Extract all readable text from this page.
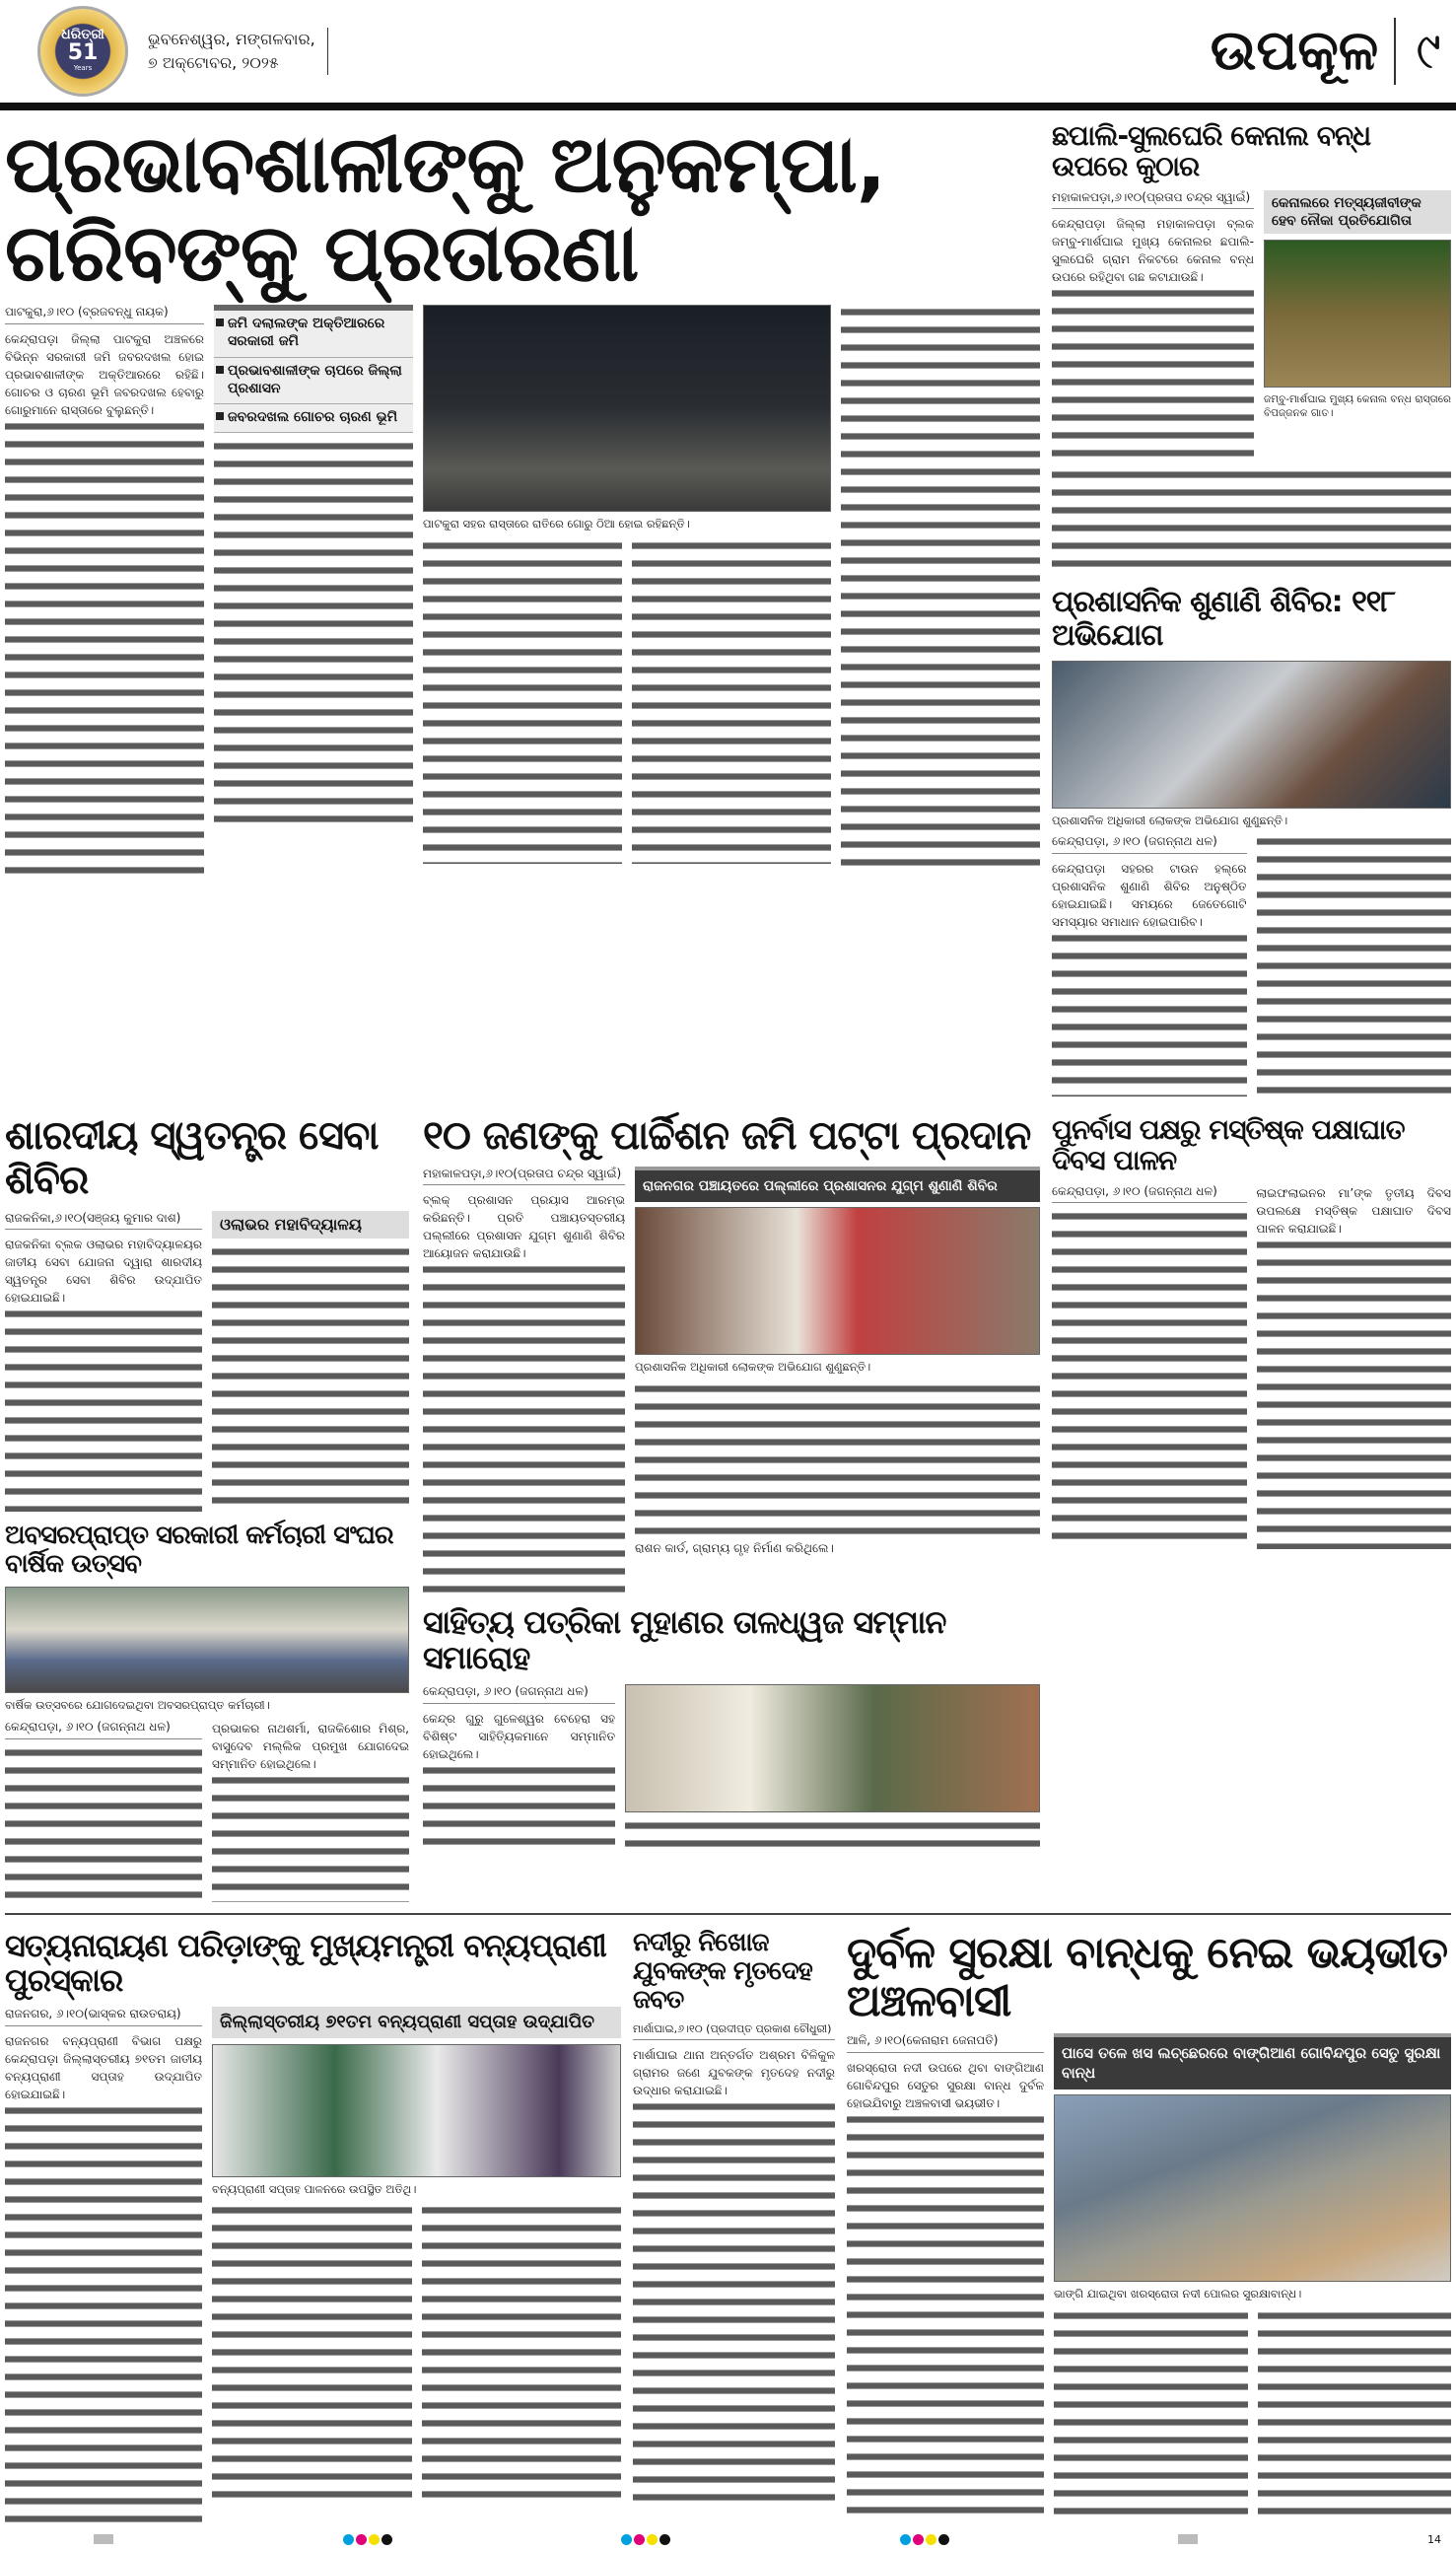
ଧରିତ୍ରୀ
51
Years
ଭୁବନେଶ୍ୱର, ମଙ୍ଗଳବାର,
୭ ଅକ୍ଟୋବର, ୨୦୨୫	ଉପକୂଳ ୯
ପ୍ରଭାବଶାଳୀଙ୍କୁ ଅନୁକମ୍ପା, ଗରିବଙ୍କୁ ପ୍ରତାରଣା
ପାଟକୁରା,୬।୧୦ (ବ୍ରଜବନ୍ଧୁ ନାୟକ)

କେନ୍ଦ୍ରାପଡ଼ା ଜିଲ୍ଲା ପାଟକୁରା ଅଞ୍ଚଳରେ ବିଭିନ୍ନ ସରକାରୀ ଜମି ଜବରଦଖଲ ହୋଇ ପ୍ରଭାବଶାଳୀଙ୍କ ଅକ୍ତିଆରରେ ରହିଛି। ଗୋଚର ଓ ଚାରଣ ଭୂମି ଜବରଦଖଲ ହେବାରୁ ଗୋରୁମାନେ ରାସ୍ତାରେ ବୁଲୁଛନ୍ତି।

ଜମି ଦଲାଲଙ୍କ ଅକ୍ତିଆରରେ ସରକାରୀ ଜମି
ପ୍ରଭାବଶାଳୀଙ୍କ ଚାପରେ ଜିଲ୍ଲା ପ୍ରଶାସନ
ଜବରଦଖଲ ଗୋଚର ଚାରଣ ଭୂମି
ପାଟକୁରା ସହର ରାସ୍ତାରେ ରାତିରେ ଗୋରୁ ଠିଆ ହୋଇ ରହିଛନ୍ତି।
ଛପାଲି-ସୁଲଘେରି କେନାଲ ବନ୍ଧ ଉପରେ କୁଠାର
ମହାକାଳପଡ଼ା,୬।୧୦(ପ୍ରତାପ ଚନ୍ଦ୍ର ସ୍ୱାଇଁ)

କେନ୍ଦ୍ରାପଡ଼ା ଜିଲ୍ଲା ମହାକାଳପଡ଼ା ବ୍ଲକ ଜମ୍ବୁ-ମାର୍ଶଘାଇ ମୁଖ୍ୟ କେନାଲର ଛପାଲି-ସୁଲଘେରି ଗ୍ରାମ ନିକଟରେ କେନାଲ ବନ୍ଧ ଉପରେ ରହିଥିବା ଗଛ କଟାଯାଉଛି।

କେନାଲରେ ମତ୍ସ୍ୟଜୀବୀଙ୍କ ହେବ ନୌକା ପ୍ରତିଯୋଗିତା
ଜମ୍ବୁ-ମାର୍ଶଘାଇ ମୁଖ୍ୟ କେନାଲ ବନ୍ଧ ରାସ୍ତାରେ ବିପଜ୍ଜନକ ଗାତ।
ପ୍ରଶାସନିକ ଶୁଣାଣି ଶିବିର: ୧୧୮ ଅଭିଯୋଗ
ପ୍ରଶାସନିକ ଅଧିକାରୀ ଲୋକଙ୍କ ଅଭିଯୋଗ ଶୁଣୁଛନ୍ତି।
କେନ୍ଦ୍ରାପଡ଼ା, ୬।୧୦ (ଜଗନ୍ନାଥ ଧଳ)

କେନ୍ଦ୍ରାପଡ଼ା ସହରର ଟାଉନ ହଲ୍‌ରେ ପ୍ରଶାସନିକ ଶୁଣାଣି ଶିବିର ଅନୁଷ୍ଠିତ ହୋଇଯାଇଛି। ସମୟରେ ଜେତେଗୋଟି ସମସ୍ୟାର ସମାଧାନ ହୋଇପାରିବ।

ଶାରଦୀୟ ସ୍ୱତନ୍ତ୍ର ସେବା ଶିବିର
ରାଜକନିକା,୬।୧୦(ସଞ୍ଜୟ କୁମାର ଦାଶ)

ରାଜକନିକା ବ୍ଲକ ଓଲାଭର ମହାବିଦ୍ୟାଳୟର ଜାତୀୟ ସେବା ଯୋଜନା ଦ୍ୱାରା ଶାରଦୀୟ ସ୍ୱତନ୍ତ୍ର ସେବା ଶିବିର ଉଦ୍‌ଯାପିତ ହୋଇଯାଇଛି।

ଓଲାଭର ମହାବିଦ୍ୟାଳୟ
ଅବସରପ୍ରାପ୍ତ ସରକାରୀ କର୍ମଚାରୀ ସଂଘର ବାର୍ଷିକ ଉତ୍ସବ
ବାର୍ଷିକ ଉତ୍ସବରେ ଯୋଗଦେଇଥିବା ଅବସରପ୍ରାପ୍ତ କର୍ମଚାରୀ।
କେନ୍ଦ୍ରାପଡ଼ା, ୬।୧୦ (ଜଗନ୍ନାଥ ଧଳ)	ପ୍ରଭାକର ନାଥଶର୍ମା, ରାଜକିଶୋର ମିଶ୍ର, ବାସୁଦେବ ମଲ୍ଲିକ ପ୍ରମୁଖ ଯୋଗଦେଇ ସମ୍ମାନିତ ହୋଇଥିଲେ।

୧୦ ଜଣଙ୍କୁ ପାର୍ଚ୍ଚିଶନ ଜମି ପଟ୍ଟା ପ୍ରଦାନ
ମହାକାଳପଡ଼ା,୬।୧୦(ପ୍ରତାପ ଚନ୍ଦ୍ର ସ୍ୱାଇଁ)

ବ୍ଲକ୍ ପ୍ରଶାସନ ପ୍ରୟାସ ଆରମ୍ଭ କରିଛନ୍ତି। ପ୍ରତି ପଞ୍ଚାୟତସ୍ତରୀୟ ପଲ୍ଲୀରେ ପ୍ରଶାସନ ଯୁଗ୍ମ ଶୁଣାଣି ଶିବିର ଆୟୋଜନ କରାଯାଉଛି।

ରାଜନଗର ପଞ୍ଚାୟତରେ ପଲ୍ଲୀରେ ପ୍ରଶାସନର ଯୁଗ୍ମ ଶୁଣାଣି ଶିବିର
ପ୍ରଶାସନିକ ଅଧିକାରୀ ଲୋକଙ୍କ ଅଭିଯୋଗ ଶୁଣୁଛନ୍ତି।
ରାଶନ କାର୍ଡ, ଗ୍ରାମ୍ୟ ଗୃହ ନିର୍ମାଣ କରିଥିଲେ।
ସାହିତ୍ୟ ପତ୍ରିକା ମୁହାଣର ତାଳଧ୍ୱଜ ସମ୍ମାନ ସମାରୋହ
କେନ୍ଦ୍ରାପଡ଼ା, ୬।୧୦ (ଜଗନ୍ନାଥ ଧଳ)

କେନ୍ଦ୍ର ଗୁରୁ ଗୁଳେଶ୍ୱର ବେହେରା ସହ ବିଶିଷ୍ଟ ସାହିତ୍ୟିକମାନେ ସମ୍ମାନିତ ହୋଇଥିଲେ।

ପୁନର୍ବାସ ପକ୍ଷରୁ ମସ୍ତିଷ୍କ ପକ୍ଷାଘାତ ଦିବସ ପାଳନ
କେନ୍ଦ୍ରାପଡ଼ା, ୬।୧୦ (ଜଗନ୍ନାଥ ଧଳ)	ଲାଇଫଲାଇନର ମା’ଙ୍କ ତୃତୀୟ ଦିବସ ଉପଲକ୍ଷେ ମସ୍ତିଷ୍କ ପକ୍ଷାଘାତ ଦିବସ ପାଳନ କରାଯାଇଛି।

ସତ୍ୟନାରାୟଣ ପରିଡ଼ାଙ୍କୁ ମୁଖ୍ୟମନ୍ତ୍ରୀ ବନ୍ୟପ୍ରାଣୀ ପୁରସ୍କାର
ରାଜନଗର, ୬।୧୦(ଭାସ୍କର ରାଉତରାୟ)

ରାଜନଗର ବନ୍ୟପ୍ରାଣୀ ବିଭାଗ ପକ୍ଷରୁ କେନ୍ଦ୍ରାପଡ଼ା ଜିଲ୍ଲାସ୍ତରୀୟ ୭୧ତମ ଜାତୀୟ ବନ୍ୟପ୍ରାଣୀ ସପ୍ତାହ ଉଦ୍‌ଯାପିତ ହୋଇଯାଇଛି।

ଜିଲ୍ଲାସ୍ତରୀୟ ୭୧ତମ ବନ୍ୟପ୍ରାଣୀ ସପ୍ତାହ ଉଦ୍‌ଯାପିତ
ବନ୍ୟପ୍ରାଣୀ ସପ୍ତାହ ପାଳନରେ ଉପସ୍ଥିତ ଅତିଥି।
ନଦୀରୁ ନିଖୋଜ ଯୁବକଙ୍କ ମୃତଦେହ ଜବତ
ମାର୍ଶାଘାଇ,୬।୧୦ (ପ୍ରଦୀପ୍ତ ପ୍ରକାଶ ଚୌଧୁରୀ)

ମାର୍ଶାଘାଇ ଥାନା ଅନ୍ତର୍ଗତ ଅଶ୍ରମ ବିଳିକୁଳ ଗ୍ରାମର ଜଣେ ଯୁବକଙ୍କ ମୃତଦେହ ନଦୀରୁ ଉଦ୍ଧାର କରାଯାଇଛି।

ଦୁର୍ବଳ ସୁରକ୍ଷା ବାନ୍ଧକୁ ନେଇ ଭୟଭୀତ ଅଞ୍ଚଳବାସୀ
ଆଳି, ୬।୧୦(କେନାରାମ ଜେନାପତି)

ଖରସ୍ରୋତା ନଦୀ ଉପରେ ଥିବା ବାଙ୍ଗିଆଣ ଗୋବିନ୍ଦପୁର ସେତୁର ସୁରକ୍ଷା ବାନ୍ଧ ଦୁର୍ବଳ ହୋଇଯିବାରୁ ଅଞ୍ଚଳବାସୀ ଭୟଭୀତ।

ପାସେ ତଳେ ଖସ ଲଚ୍ଛେରରେ ବାଙ୍ଗିଆଣ ଗୋବିନ୍ଦପୁର ସେତୁ ସୁରକ୍ଷା ବାନ୍ଧ
ଭାଙ୍ଗି ଯାଇଥିବା ଖରସ୍ରୋତା ନଦୀ ପୋଲର ସୁରକ୍ଷାବାନ୍ଧ।
14
